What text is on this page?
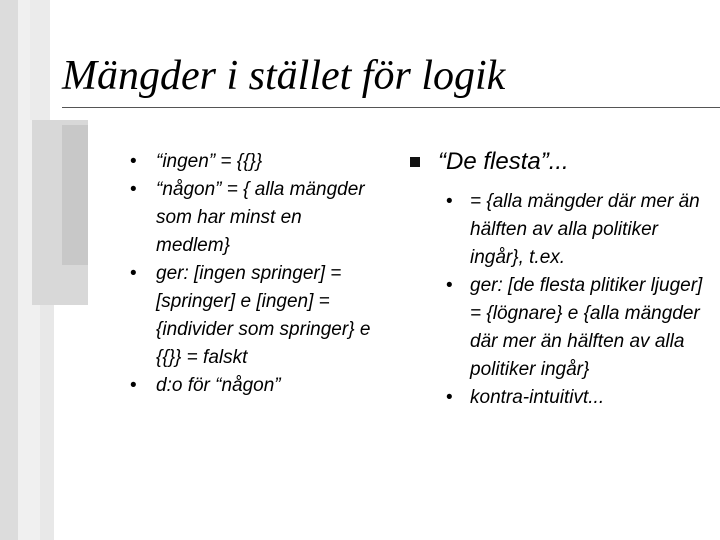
Mängder i stället för logik
• “ingen” = {{}}
• “någon” = { alla mängder som har minst en medlem}
• ger: [ingen springer] = [springer] e [ingen] = {individer som springer} e {{}} = falskt
• d:o för “någon”
“De flesta”...
• = {alla mängder där mer än hälften av alla politiker ingår}, t.ex.
• ger: [de flesta plitiker ljuger] = {lögnare} e {alla mängder där mer än hälften av alla politiker ingår}
• kontra-intuitivt...
